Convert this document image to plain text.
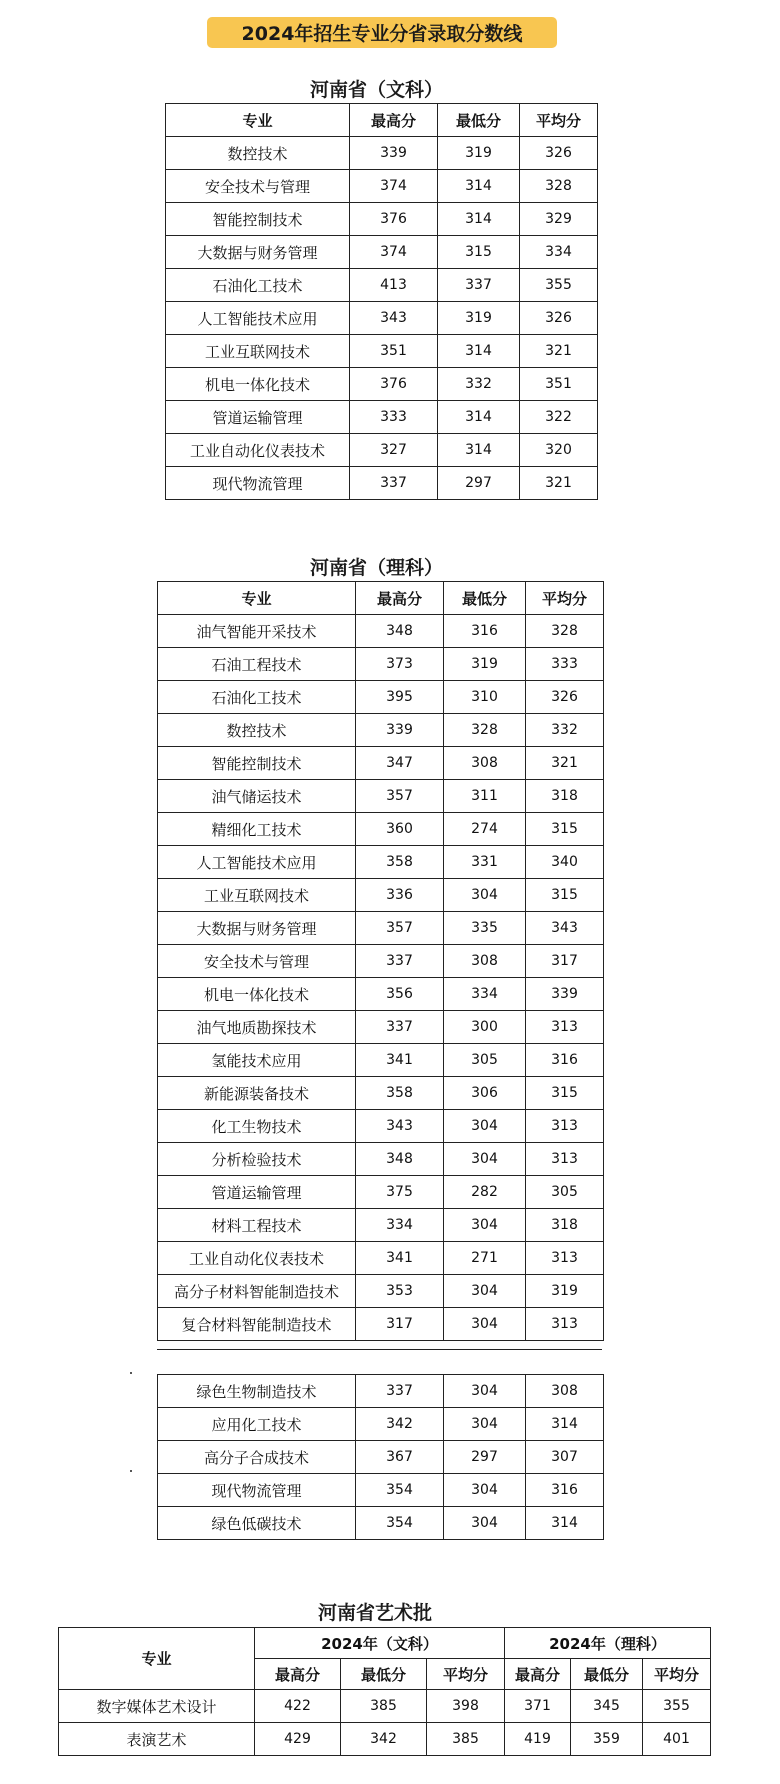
2024年招生专业分省录取分数线
河南省（文科）
专业	最高分	最低分	平均分
数控技术	339	319	326
安全技术与管理	374	314	328
智能控制技术	376	314	329
大数据与财务管理	374	315	334
石油化工技术	413	337	355
人工智能技术应用	343	319	326
工业互联网技术	351	314	321
机电一体化技术	376	332	351
管道运输管理	333	314	322
工业自动化仪表技术	327	314	320
现代物流管理	337	297	321
河南省（理科）
专业	最高分	最低分	平均分
油气智能开采技术	348	316	328
石油工程技术	373	319	333
石油化工技术	395	310	326
数控技术	339	328	332
智能控制技术	347	308	321
油气储运技术	357	311	318
精细化工技术	360	274	315
人工智能技术应用	358	331	340
工业互联网技术	336	304	315
大数据与财务管理	357	335	343
安全技术与管理	337	308	317
机电一体化技术	356	334	339
油气地质勘探技术	337	300	313
氢能技术应用	341	305	316
新能源装备技术	358	306	315
化工生物技术	343	304	313
分析检验技术	348	304	313
管道运输管理	375	282	305
材料工程技术	334	304	318
工业自动化仪表技术	341	271	313
高分子材料智能制造技术	353	304	319
复合材料智能制造技术	317	304	313
绿色生物制造技术	337	304	308
应用化工技术	342	304	314
高分子合成技术	367	297	307
现代物流管理	354	304	316
绿色低碳技术	354	304	314
河南省艺术批
专业	2024年（文科）			2024年（理科）		
	最高分	最低分	平均分	最高分	最低分	平均分
数字媒体艺术设计	422	385	398	371	345	355
表演艺术	429	342	385	419	359	401
